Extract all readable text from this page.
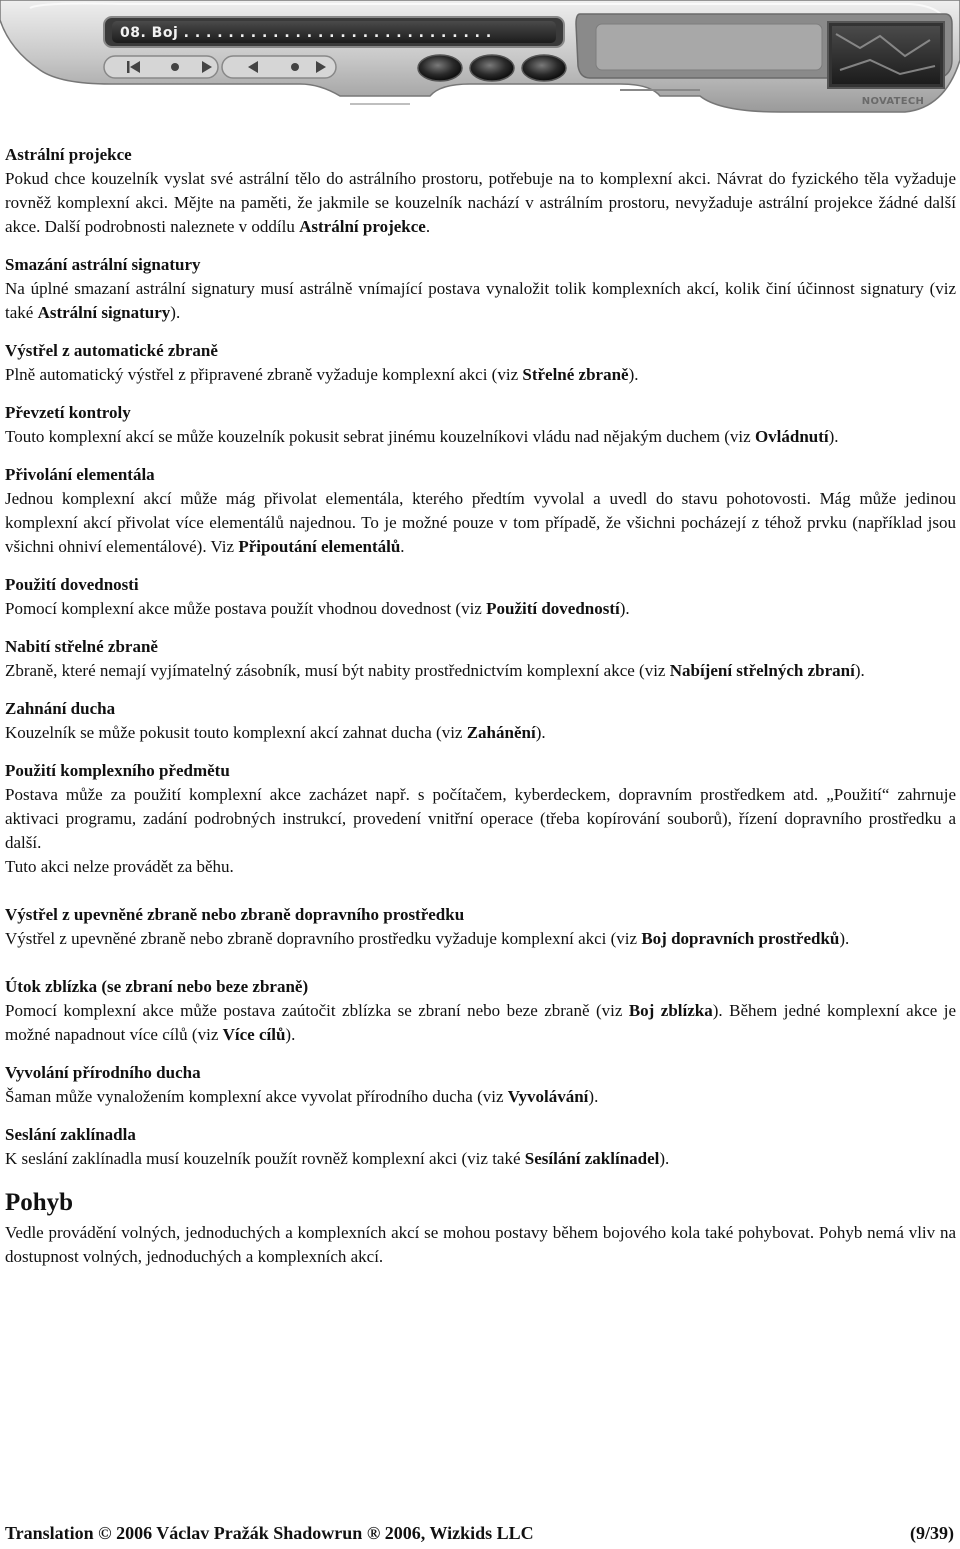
08. Boj . . . . . . . . . . . . . . . . . . . . . . . . . . . .
NOVATECH
Astrální projekce

Pokud chce kouzelník vyslat své astrální tělo do astrálního prostoru, potřebuje na to komplexní akci. Návrat do fyzického těla vyžaduje rovněž komplexní akci. Mějte na paměti, že jakmile se kouzelník nachází v astrálním prostoru, nevyžaduje astrální projekce žádné další akce. Další podrobnosti naleznete v oddílu Astrální projekce.

Smazání astrální signatury

Na úplné smazaní astrální signatury musí astrálně vnímající postava vynaložit tolik komplexních akcí, kolik činí účinnost signatury (viz také Astrální signatury).

Výstřel z automatické zbraně

Plně automatický výstřel z připravené zbraně vyžaduje komplexní akci (viz Střelné zbraně).

Převzetí kontroly

Touto komplexní akcí se může kouzelník pokusit sebrat jinému kouzelníkovi vládu nad nějakým duchem (viz Ovládnutí).

Přivolání elementála

Jednou komplexní akcí může mág přivolat elementála, kterého předtím vyvolal a uvedl do stavu pohotovosti. Mág může jedinou komplexní akcí přivolat více elementálů najednou. To je možné pouze v tom případě, že všichni pocházejí z téhož prvku (například jsou všichni ohniví elementálové). Viz Připoutání elementálů.

Použití dovednosti

Pomocí komplexní akce může postava použít vhodnou dovednost (viz Použití dovedností).

Nabití střelné zbraně

Zbraně, které nemají vyjímatelný zásobník, musí být nabity prostřednictvím komplexní akce (viz Nabíjení střelných zbraní).

Zahnání ducha

Kouzelník se může pokusit touto komplexní akcí zahnat ducha (viz Zahánění).

Použití komplexního předmětu

Postava může za použití komplexní akce zacházet např. s počítačem, kyberdeckem, dopravním prostředkem atd. „Použití“ zahrnuje aktivaci programu, zadání podrobných instrukcí, provedení vnitřní operace (třeba kopírování souborů), řízení dopravního prostředku a další.

Tuto akci nelze provádět za běhu.

Výstřel z upevněné zbraně nebo zbraně dopravního prostředku

Výstřel z upevněné zbraně nebo zbraně dopravního prostředku vyžaduje komplexní akci (viz Boj dopravních prostředků).

Útok zblízka (se zbraní nebo beze zbraně)

Pomocí komplexní akce může postava zaútočit zblízka se zbraní nebo beze zbraně (viz Boj zblízka). Během jedné komplexní akce je možné napadnout více cílů (viz Více cílů).

Vyvolání přírodního ducha

Šaman může vynaložením komplexní akce vyvolat přírodního ducha (viz Vyvolávání).

Seslání zaklínadla

K seslání zaklínadla musí kouzelník použít rovněž komplexní akci (viz také Sesílání zaklínadel).

Pohyb

Vedle provádění volných, jednoduchých a komplexních akcí se mohou postavy během bojového kola také pohybovat. Pohyb nemá vliv na dostupnost volných, jednoduchých a komplexních akcí.

Translation © 2006 Václav Pražák Shadowrun ® 2006, Wizkids LLC	(9/39)
